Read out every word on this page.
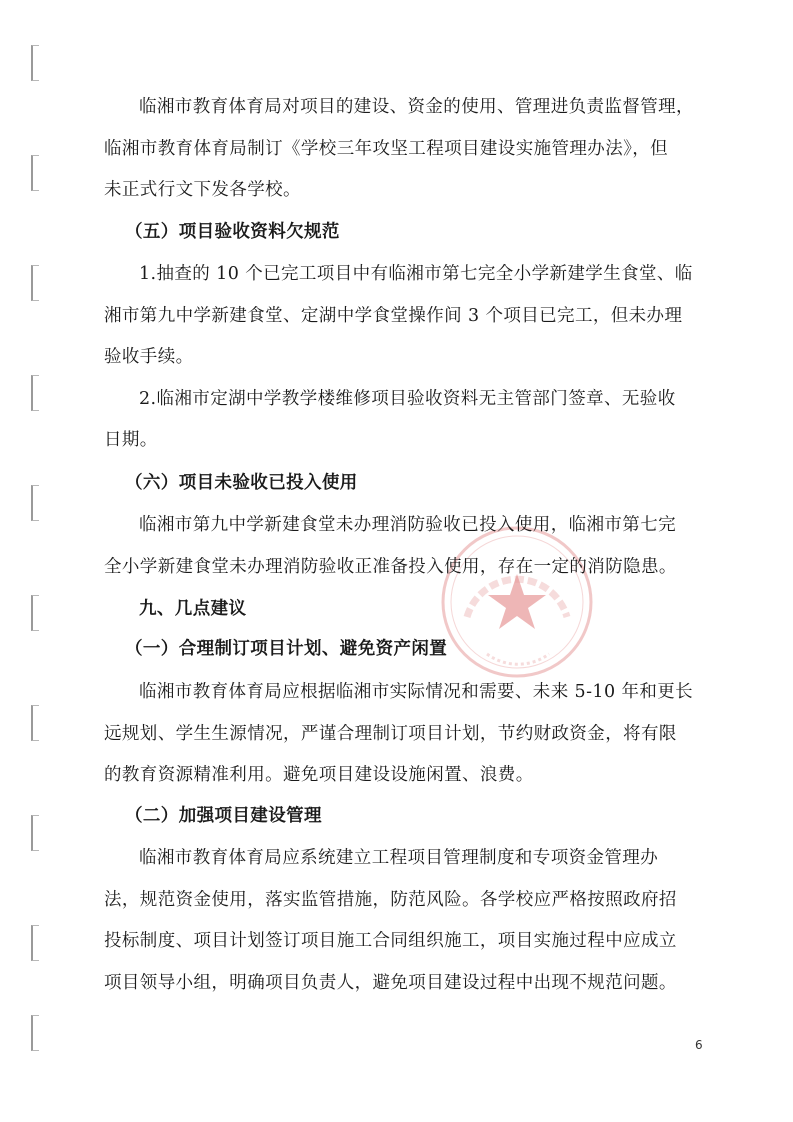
临湘市教育体育局对项目的建设、资金的使用、管理进负责监督管理，
临湘市教育体育局制订《学校三年攻坚工程项目建设实施管理办法》，但
未正式行文下发各学校。
（五）项目验收资料欠规范
1.抽查的 10 个已完工项目中有临湘市第七完全小学新建学生食堂、临
湘市第九中学新建食堂、定湖中学食堂操作间 3 个项目已完工，但未办理
验收手续。
2.临湘市定湖中学教学楼维修项目验收资料无主管部门签章、无验收
日期。
（六）项目未验收已投入使用
临湘市第九中学新建食堂未办理消防验收已投入使用，临湘市第七完
全小学新建食堂未办理消防验收正准备投入使用，存在一定的消防隐患。
九、几点建议
（一）合理制订项目计划、避免资产闲置
临湘市教育体育局应根据临湘市实际情况和需要、未来 5-10 年和更长
远规划、学生生源情况，严谨合理制订项目计划，节约财政资金，将有限
的教育资源精准利用。避免项目建设设施闲置、浪费。
（二）加强项目建设管理
临湘市教育体育局应系统建立工程项目管理制度和专项资金管理办
法，规范资金使用，落实监管措施，防范风险。各学校应严格按照政府招
投标制度、项目计划签订项目施工合同组织施工，项目实施过程中应成立
项目领导小组，明确项目负责人，避免项目建设过程中出现不规范问题。
6
